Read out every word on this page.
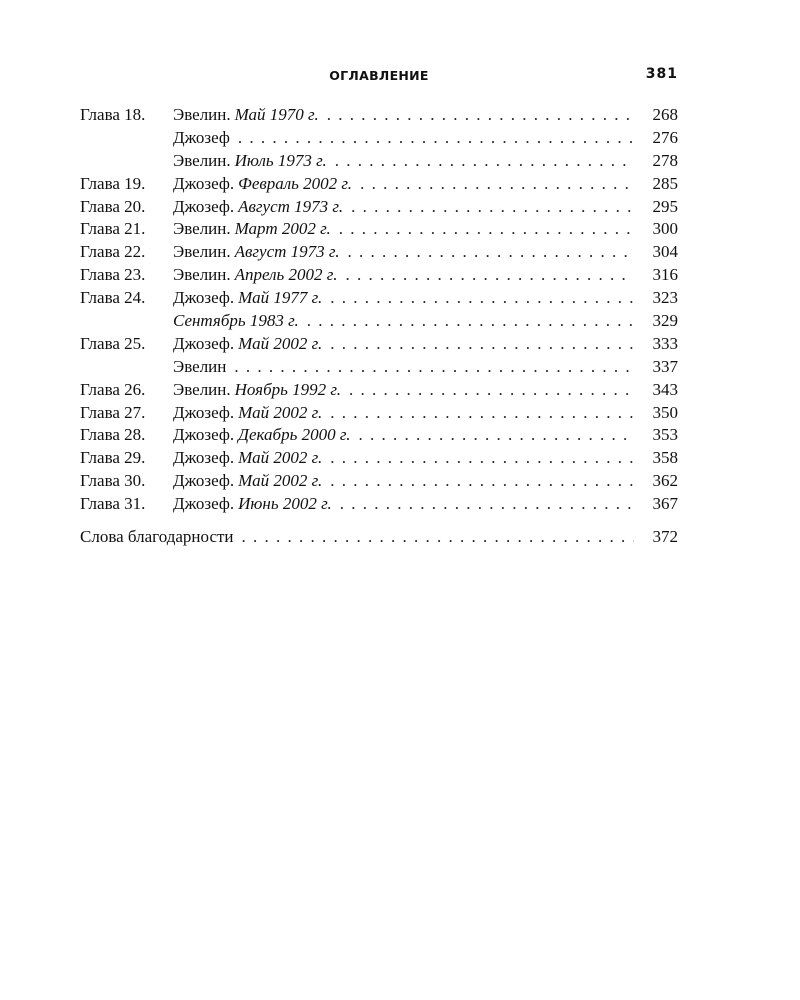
ОГЛАВЛЕНИЕ	381
Глава 18.	Эвелин. Май 1970 г. . . .	268
Джозеф . . .	276
Эвелин. Июль 1973 г. . . .	278
Глава 19.	Джозеф. Февраль 2002 г. . . .	285
Глава 20.	Джозеф. Август 1973 г. . . .	295
Глава 21.	Эвелин. Март 2002 г. . . .	300
Глава 22.	Эвелин. Август 1973 г. . . .	304
Глава 23.	Эвелин. Апрель 2002 г. . . .	316
Глава 24.	Джозеф. Май 1977 г. . . .	323
Сентябрь 1983 г. . . .	329
Глава 25.	Джозеф. Май 2002 г. . . .	333
Эвелин . . .	337
Глава 26.	Эвелин. Ноябрь 1992 г. . . .	343
Глава 27.	Джозеф. Май 2002 г. . . .	350
Глава 28.	Джозеф. Декабрь 2000 г. . . .	353
Глава 29.	Джозеф. Май 2002 г. . . .	358
Глава 30.	Джозеф. Май 2002 г. . . .	362
Глава 31.	Джозеф. Июнь 2002 г. . . .	367
Слова благодарности . . .	372
